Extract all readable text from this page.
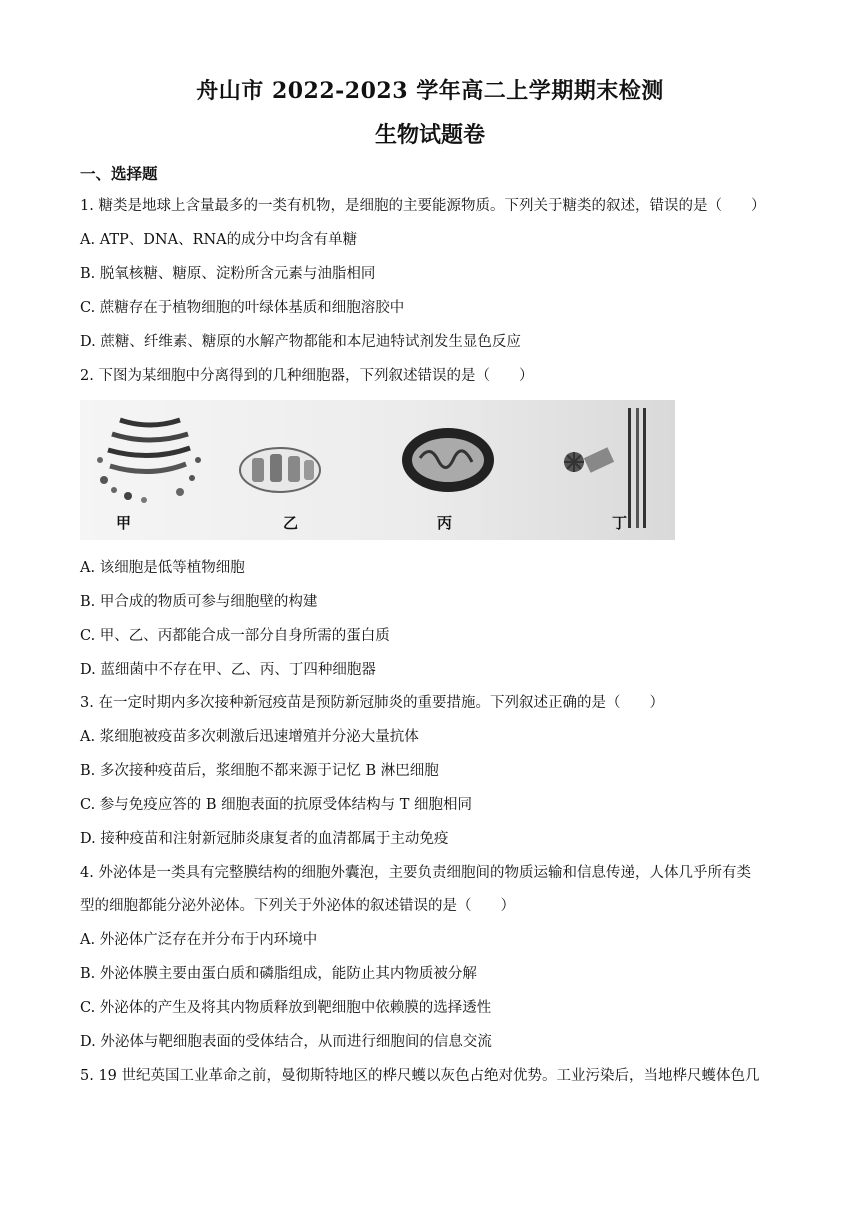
舟山市 2022-2023 学年高二上学期期末检测
生物试题卷
一、选择题
1. 糖类是地球上含量最多的一类有机物，是细胞的主要能源物质。下列关于糖类的叙述，错误的是（　　）
A. ATP、DNA、RNA的成分中均含有单糖
B. 脱氧核糖、糖原、淀粉所含元素与油脂相同
C. 蔗糖存在于植物细胞的叶绿体基质和细胞溶胶中
D. 蔗糖、纤维素、糖原的水解产物都能和本尼迪特试剂发生显色反应
2. 下图为某细胞中分离得到的几种细胞器，下列叙述错误的是（　　）
甲	乙	丙	丁
A. 该细胞是低等植物细胞
B. 甲合成的物质可参与细胞壁的构建
C. 甲、乙、丙都能合成一部分自身所需的蛋白质
D. 蓝细菌中不存在甲、乙、丙、丁四种细胞器
3. 在一定时期内多次接种新冠疫苗是预防新冠肺炎的重要措施。下列叙述正确的是（　　）
A. 浆细胞被疫苗多次刺激后迅速增殖并分泌大量抗体
B. 多次接种疫苗后，浆细胞不都来源于记忆 B 淋巴细胞
C. 参与免疫应答的 B 细胞表面的抗原受体结构与 T 细胞相同
D. 接种疫苗和注射新冠肺炎康复者的血清都属于主动免疫
4. 外泌体是一类具有完整膜结构的细胞外囊泡，主要负责细胞间的物质运输和信息传递，人体几乎所有类
型的细胞都能分泌外泌体。下列关于外泌体的叙述错误的是（　　）
A. 外泌体广泛存在并分布于内环境中
B. 外泌体膜主要由蛋白质和磷脂组成，能防止其内物质被分解
C. 外泌体的产生及将其内物质释放到靶细胞中依赖膜的选择透性
D. 外泌体与靶细胞表面的受体结合，从而进行细胞间的信息交流
5. 19 世纪英国工业革命之前，曼彻斯特地区的桦尺蠖以灰色占绝对优势。工业污染后，当地桦尺蠖体色几
